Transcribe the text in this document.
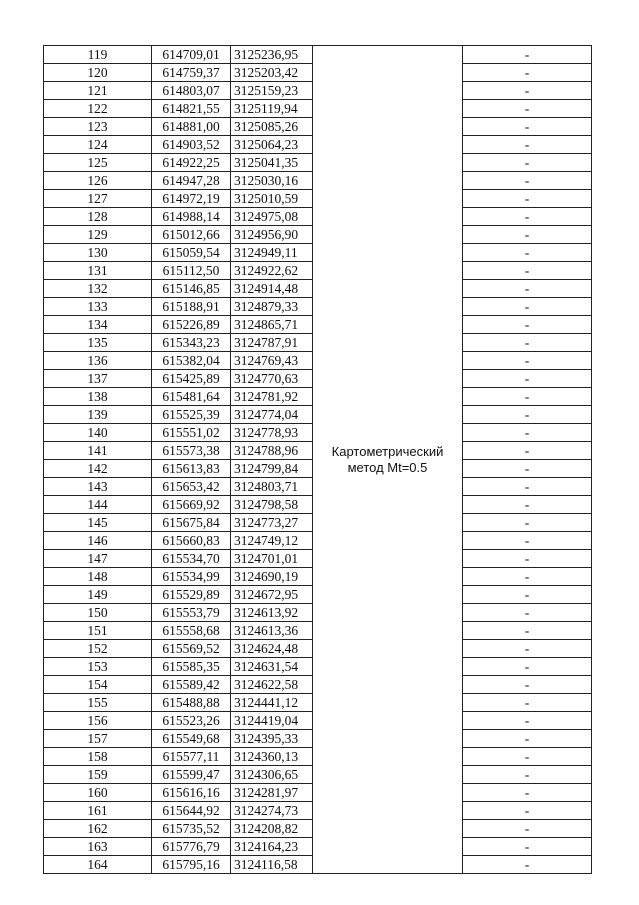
119	614709,01	3125236,95	Картометрический метод Mt=0.5	-
120	614759,37	3125203,42		-
121	614803,07	3125159,23		-
122	614821,55	3125119,94		-
123	614881,00	3125085,26		-
124	614903,52	3125064,23		-
125	614922,25	3125041,35		-
126	614947,28	3125030,16		-
127	614972,19	3125010,59		-
128	614988,14	3124975,08		-
129	615012,66	3124956,90		-
130	615059,54	3124949,11		-
131	615112,50	3124922,62		-
132	615146,85	3124914,48		-
133	615188,91	3124879,33		-
134	615226,89	3124865,71		-
135	615343,23	3124787,91		-
136	615382,04	3124769,43		-
137	615425,89	3124770,63		-
138	615481,64	3124781,92		-
139	615525,39	3124774,04		-
140	615551,02	3124778,93		-
141	615573,38	3124788,96		-
142	615613,83	3124799,84		-
143	615653,42	3124803,71		-
144	615669,92	3124798,58		-
145	615675,84	3124773,27		-
146	615660,83	3124749,12		-
147	615534,70	3124701,01		-
148	615534,99	3124690,19		-
149	615529,89	3124672,95		-
150	615553,79	3124613,92		-
151	615558,68	3124613,36		-
152	615569,52	3124624,48		-
153	615585,35	3124631,54		-
154	615589,42	3124622,58		-
155	615488,88	3124441,12		-
156	615523,26	3124419,04		-
157	615549,68	3124395,33		-
158	615577,11	3124360,13		-
159	615599,47	3124306,65		-
160	615616,16	3124281,97		-
161	615644,92	3124274,73		-
162	615735,52	3124208,82		-
163	615776,79	3124164,23		-
164	615795,16	3124116,58		-
